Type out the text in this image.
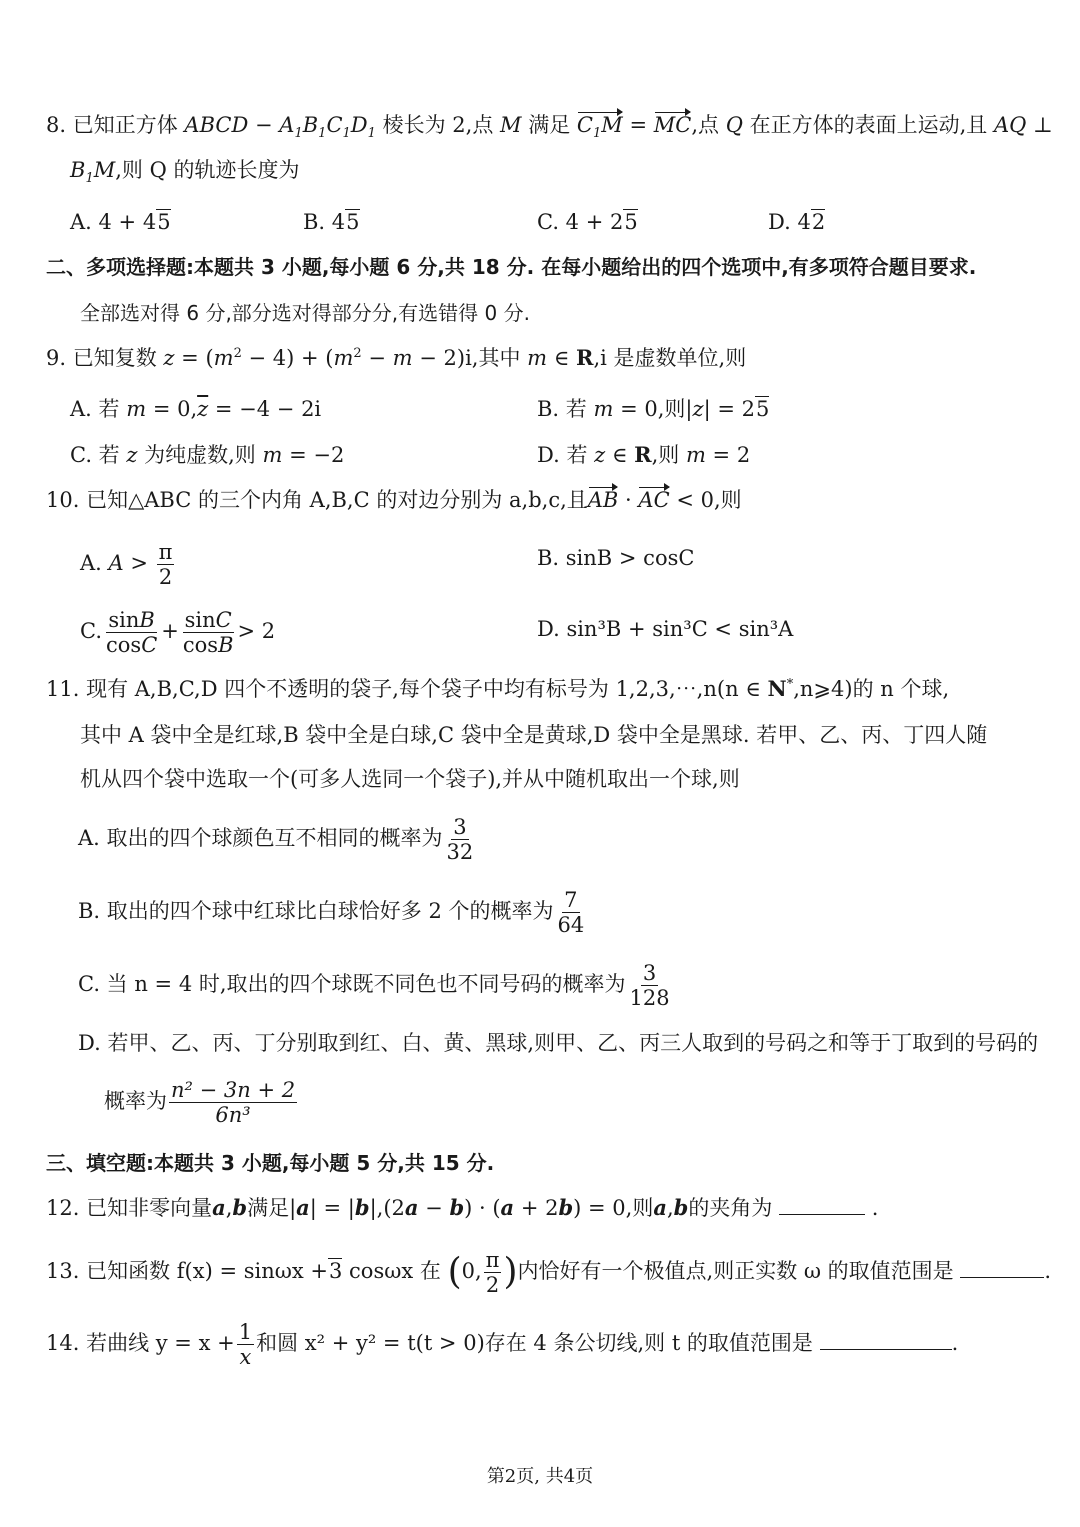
8. 已知正方体 ABCD − $A_1B_1C_1D_1$ 棱长为 2,点 M 满足 $C_1M$ = MC,点 Q 在正方体的表面上运动,且 AQ ⊥
$B_1M$,则 Q 的轨迹长度为
A. 4 + 45	B. 45	C. 4 + 25	D. 42
二、多项选择题:本题共 3 小题,每小题 6 分,共 18 分. 在每小题给出的四个选项中,有多项符合题目要求.
全部选对得 6 分,部分选对得部分分,有选错得 0 分.
9. 已知复数 $z = (m^2 - 4) + (m^2 - m - 2)i$,其中 m ∈ R,i 是虚数单位,则
A. 若 $m = 0,\overline{z} = -4 - 2i$	B. 若 m = 0,则|z| = 25
C. 若 z 为纯虚数,则 m = −2	D. 若 z ∈ R,则 m = 2
10. 已知△ABC 的三个内角 A,B,C 的对边分别为 a,b,c,且AB · AC < 0,则
A. $A > \frac{\pi}{2}$	B. sinB > cosC
C. $\frac{\sin B}{\cos C} + \frac{\sin C}{\cos B} > 2$	D. sin³B + sin³C < sin³A
11. 现有 A,B,C,D 四个不透明的袋子,每个袋子中均有标号为 1,2,3,⋯,n(n ∈ N*,n⩾4)的 n 个球,
其中 A 袋中全是红球,B 袋中全是白球,C 袋中全是黄球,D 袋中全是黑球. 若甲、乙、丙、丁四人随
机从四个袋中选取一个(可多人选同一个袋子),并从中随机取出一个球,则
A. 取出的四个球颜色互不相同的概率为 $\frac{3}{32}$
B. 取出的四个球中红球比白球恰好多 2 个的概率为 $\frac{7}{64}$
C. 当 n = 4 时,取出的四个球既不同色也不同号码的概率为 $\frac{3}{128}$
D. 若甲、乙、丙、丁分别取到红、白、黄、黑球,则甲、乙、丙三人取到的号码之和等于丁取到的号码的
概率为 $\frac{\text{n² − 3n + 2}}{\text{6n³}}$
三、填空题:本题共 3 小题,每小题 5 分,共 15 分.
12. 已知非零向量a,b满足|a| = |b|,(2a − b) · (a + 2b) = 0,则a,b的夹角为	.
13. 已知函数 f(x) = sinωx +3 cosωx 在 (0, $\frac{\pi}{2}$ )内恰好有一个极值点,则正实数 ω 的取值范围是	.
14. 若曲线 $y = x + \frac{1}{x}$ 和圆 x² + y² = t(t > 0)存在 4 条公切线,则 t 的取值范围是	.
第2页, 共4页
